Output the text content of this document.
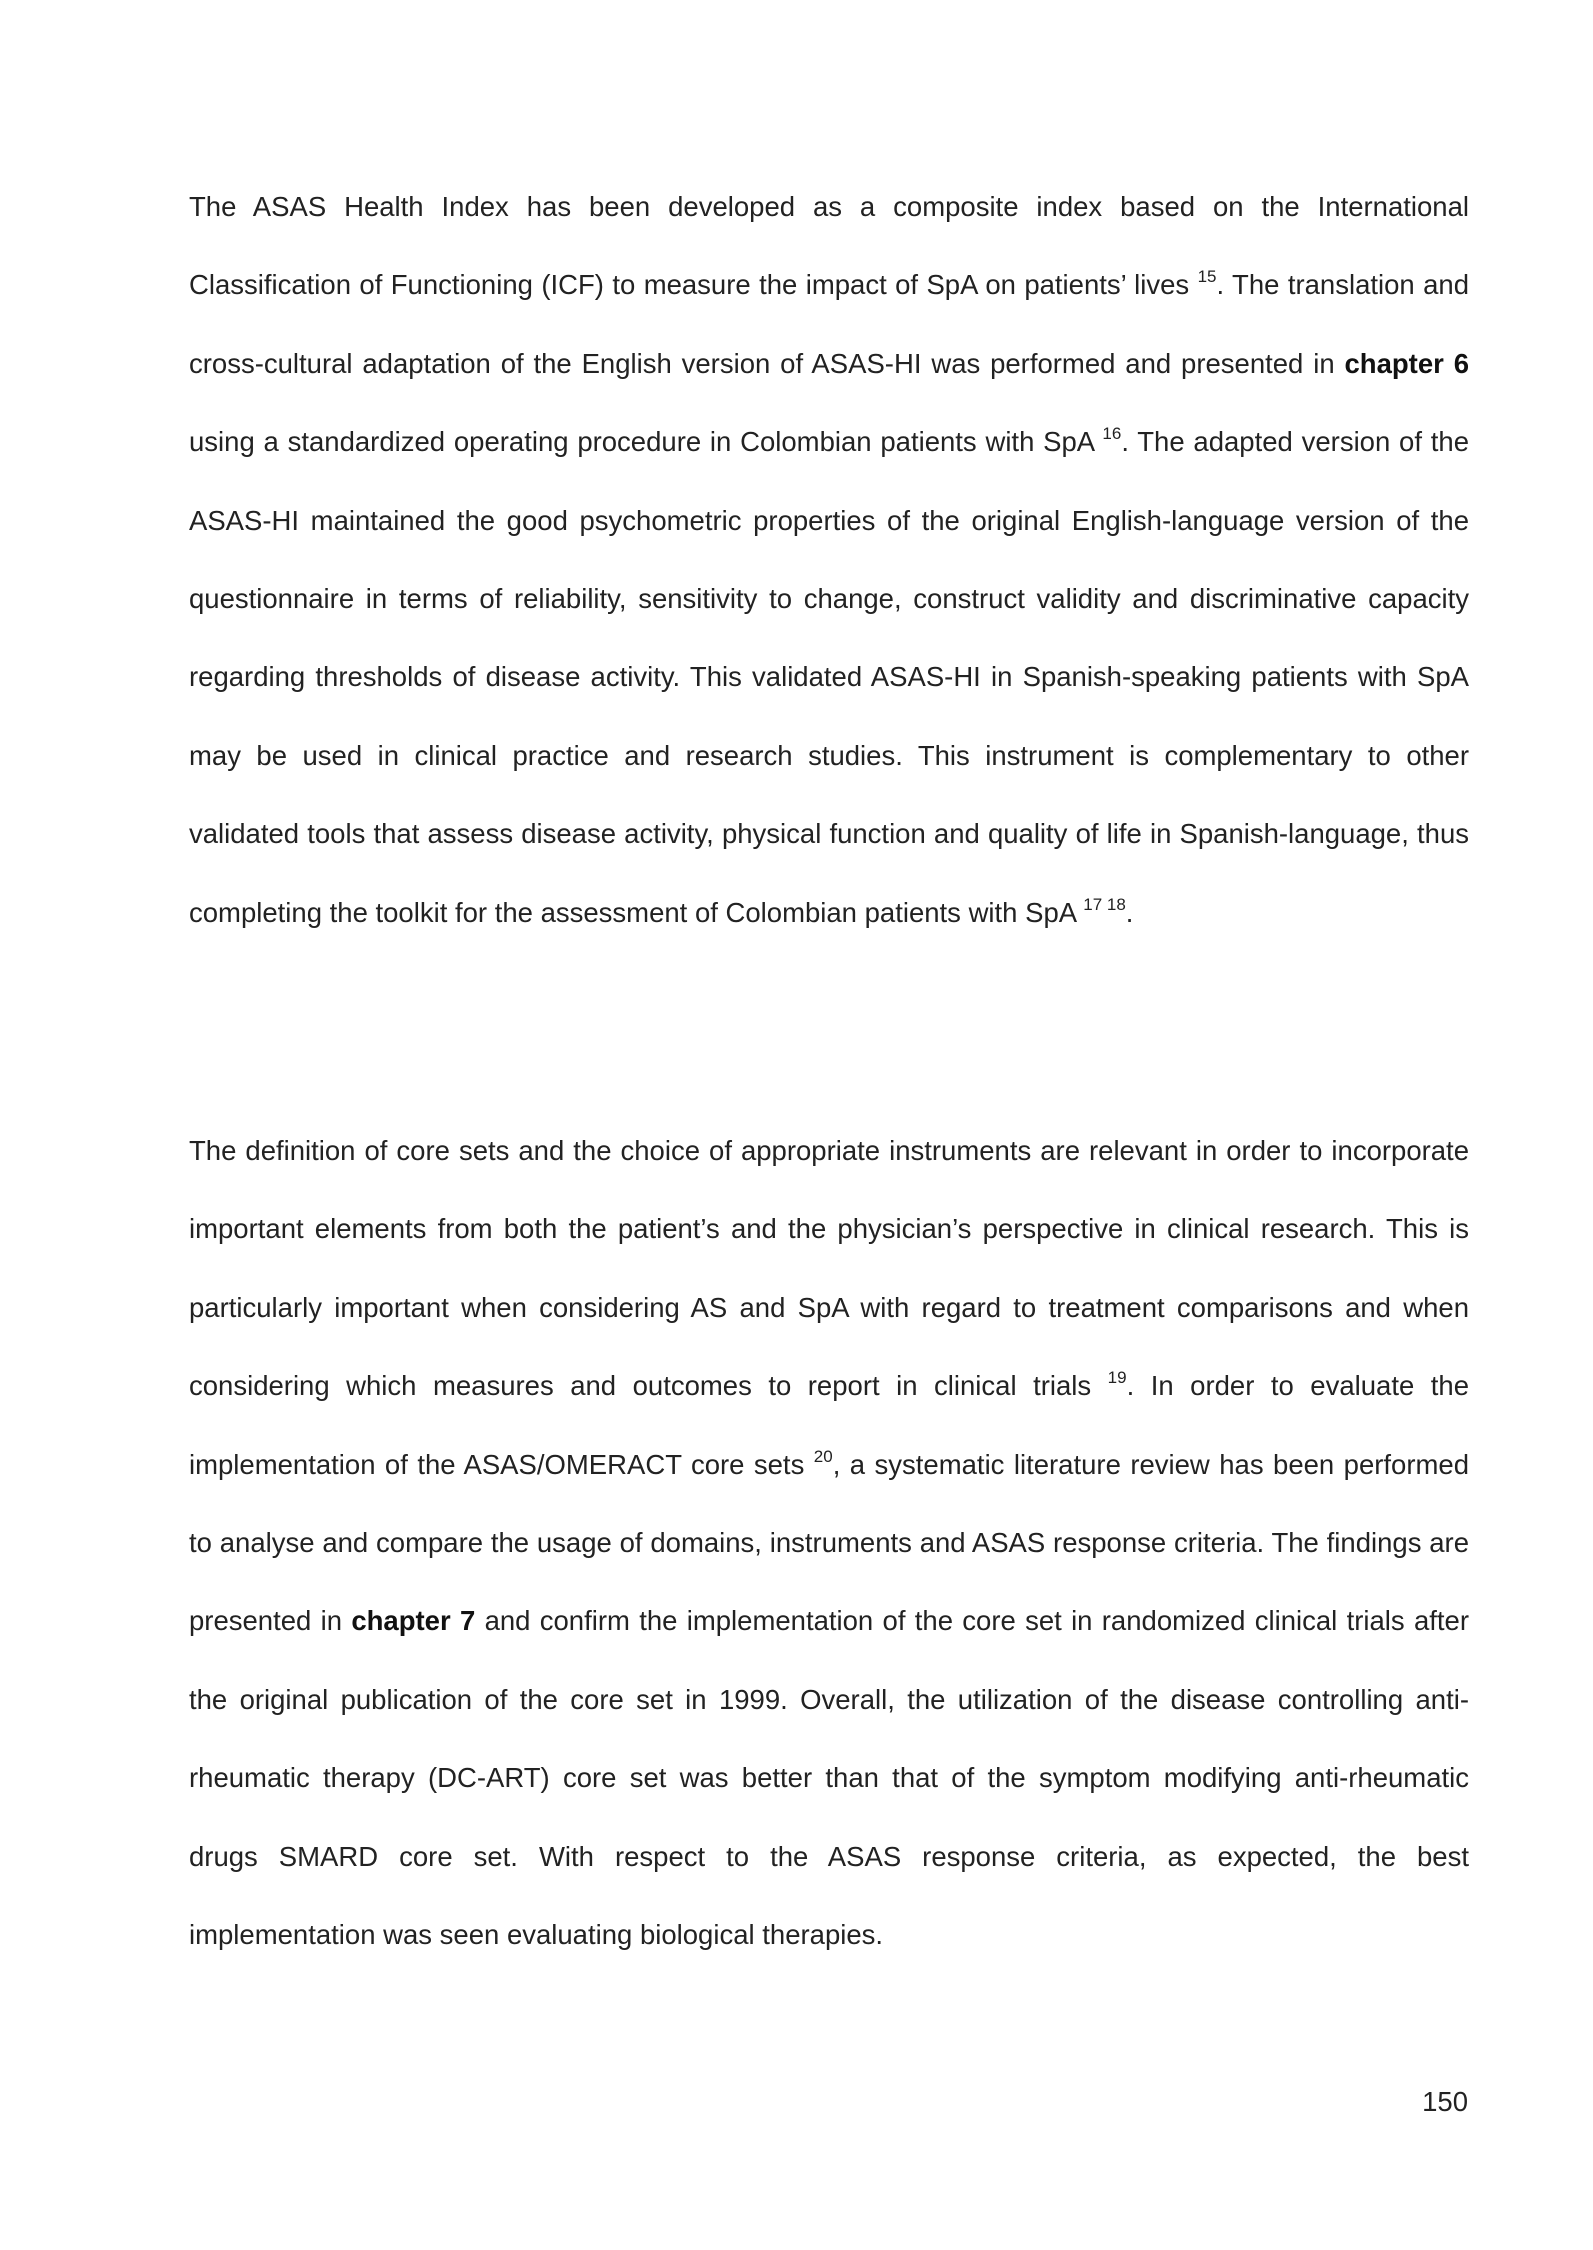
The ASAS Health Index has been developed as a composite index based on the International Classification of Functioning (ICF) to measure the impact of SpA on patients’ lives $^{15}$. The translation and cross-cultural adaptation of the English version of ASAS-HI was performed and presented in chapter 6 using a standardized operating procedure in Colombian patients with SpA $^{16}$. The adapted version of the ASAS-HI maintained the good psychometric properties of the original English-language version of the questionnaire in terms of reliability, sensitivity to change, construct validity and discriminative capacity regarding thresholds of disease activity. This validated ASAS-HI in Spanish-speaking patients with SpA may be used in clinical practice and research studies. This instrument is complementary to other validated tools that assess disease activity, physical function and quality of life in Spanish-language, thus completing the toolkit for the assessment of Colombian patients with SpA $^{17 18}$.

The definition of core sets and the choice of appropriate instruments are relevant in order to incorporate important elements from both the patient’s and the physician’s perspective in clinical research. This is particularly important when considering AS and SpA with regard to treatment comparisons and when considering which measures and outcomes to report in clinical trials $^{19}$. In order to evaluate the implementation of the ASAS/OMERACT core sets $^{20}$, a systematic literature review has been performed to analyse and compare the usage of domains, instruments and ASAS response criteria. The findings are presented in chapter 7 and confirm the implementation of the core set in randomized clinical trials after the original publication of the core set in 1999. Overall, the utilization of the disease controlling anti-rheumatic therapy (DC-ART) core set was better than that of the symptom modifying anti-rheumatic drugs SMARD core set. With respect to the ASAS response criteria, as expected, the best implementation was seen evaluating biological therapies.

150
